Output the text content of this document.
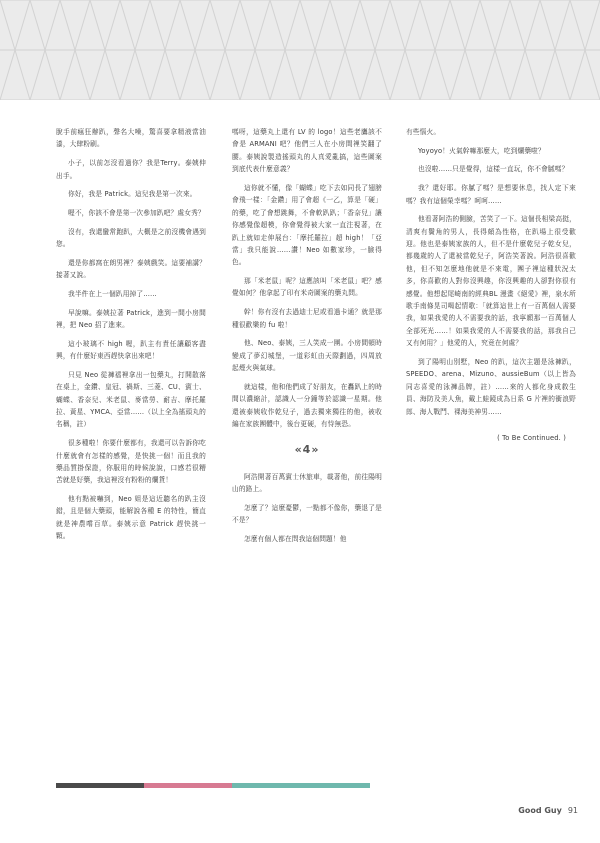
脫手前瘋狂辦趴，聲名大噪，驚喜要拿精液當油漆，大肆粉刷。

小子，以前怎沒看過你？我是Terry。泰姨伸出手。

你好，我是 Patrick。這兒我是第一次來。

喔不，你該不會是第一次參加趴吧？處女秀？

沒有，我還蠻常跑趴，大概是之前沒機會遇到您。

還是你都窩在朗男裡？泰姨戲笑。這要補講？接著又說。

我半件在上一個趴用掉了……

早說嘛。泰姨拉著 Patrick，進到一間小房間裡，把 Neo 招了進來。

這小玻璃不 high 喔，趴主有責任讓顧客盡興，有什麼好東西趕快拿出來吧！

只見 Neo 從褲襠裡拿出一包藥丸，打開散落在桌上，金鑽、皇冠、禍斯、三菱、CU、賓士、蝴蝶、香奈兒、米老鼠、麥當勞、耐吉、摩托羅拉、黃星、YMCA、亞當……（以上全為搖頭丸的名稱，註）

很多種啦！你要什麼都有，我還可以告訴你吃什麼就會有怎樣的感覺，是快挑一個！而且我的藥品質掛保證，你服用的時候說說，口感若很糟苦就是好藥，我這裡沒有粉粉的爛貨！

他有點被嚇到，Neo 姐是這近聽名的趴主沒錯，且是個大藥頭，能解說各種 E 的特性，簡直就是神農嚐百草。泰姨示意 Patrick 趕快挑一顆。

嗎呀，這藥丸上還有 LV 的 logo！這些老鷹該不會是 ARMANI 吧？他們三人在小房間裡笑翻了腰。泰姨說製造搖頭丸的人真愛亂搞，這些圖案到底代表什麼意義？

這你就不懂，像「蝴蝶」吃下去如同長了翅膀會飛一樣：「金鑽」用了會超《一乙，算是「硬」的藥，吃了會想跳舞，不會軟趴趴；「香奈兒」讓你感覺像超模，你會覺得被大家一直注視著，在趴上就如走伸展台：「摩托羅拉」超 high！「亞當」我只能說……讚！Neo 如數家珍，一臉得色。

那「米老鼠」呢？這應該叫「米老鼠」吧？感覺如何？他拿起了印有米奇圖案的藥丸問。

幹！你有沒有去過迪士尼或看過卡通？就是那種很歡樂的 fu 啦！

他、Neo、泰姨，三人笑成一團。小房間頓時變成了夢幻城堡，一道彩虹由天際劃過，四周放起煙火與氣球。

就這樣，他和他們成了好朋友，在轟趴上的時間以濃縮計，認識人一分鐘等於認識一星期。他還被泰姨收作乾兒子，過去獨來獨往的他，被收編在家族團體中，後台更硬，有恃無恐。

«4»

阿浩開著百萬賓士休旅車，載著他，前往陽明山的路上。

怎麼了？這麼憂鬱，一點都不像你，藥退了是不是？

怎麼有個人都在問我這個問題！他

有些惱火。

Yoyoyo！火氣幹嘛那麼大，吃到爛藥啦？

也沒啦……只是覺得，這樣一直玩，你不會膩嗎？

我？還好耶。你膩了嗎？是想要休息，找人定下來嗎？我有這個榮幸嗎？呵呵……

他看著阿浩的側臉，苦笑了一下。這個長相梁高挺，清爽有鬢角的男人，長得頗為性格，在趴場上很受歡迎。他也是泰姨家族的人，但不是什麼乾兒子乾女兒，都幾歲的人了還被當乾兒子，阿浩笑著說。阿浩很喜歡他，但不知怎麼地他就是不來電，團子裡這種狀況太多，你喜歡的人對你沒興趣，你沒興趣的人卻對你很有感覺。他想起尾崎南的經典BL 漫畫《絕愛》裡，泉水所歌手南條晃司喝起情歌：「就算這世上有一百萬個人需要我，如果我愛的人不需要我的話，我寧願那一百萬個人全部死光……！如果我愛的人不需要我的話，那我自己又有何用？」他愛的人，究竟在何處？

到了陽明山別墅，Neo 的趴，這次主題是泳褲趴，SPEEDO、arena、Mizuno、aussieBum（以上皆為同志喜愛的泳褲品牌，註）……來的人都化身成救生員、海防及美人魚，戴上蛙鏡成為日系 G 片裡的衝浪野郎、海人戰鬥、裸海美神男……

( To Be Continued. )
Good Guy 91
